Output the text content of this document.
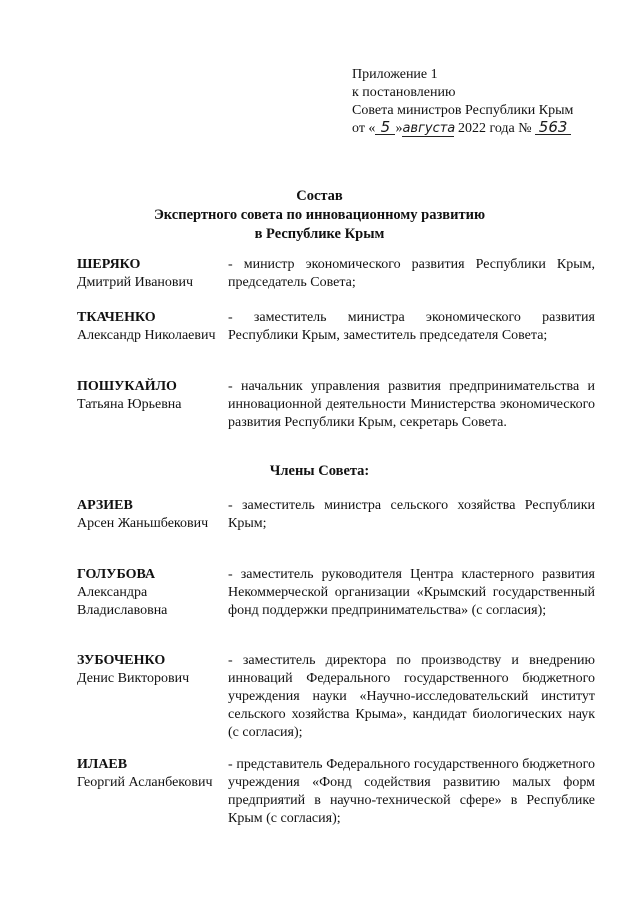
Приложение 1
к постановлению
Совета министров Республики Крым
от « 5 »августа 2022 года № 563
Состав
Экспертного совета по инновационному развитию
в Республике Крым
ШЕРЯКО
Дмитрий Иванович
- министр экономического развития Республики Крым, председатель Совета;
ТКАЧЕНКО
Александр Николаевич
- заместитель министра экономического развития Республики Крым, заместитель председателя Совета;
ПОШУКАЙЛО
Татьяна Юрьевна
- начальник управления развития предпринимательства и инновационной деятельности Министерства экономического развития Республики Крым, секретарь Совета.
Члены Совета:
АРЗИЕВ
Арсен Жаньшбекович
- заместитель министра сельского хозяйства Республики Крым;
ГОЛУБОВА
Александра Владиславовна
- заместитель руководителя Центра кластерного развития Некоммерческой организации «Крымский государственный фонд поддержки предпринимательства» (с согласия);
ЗУБОЧЕНКО
Денис Викторович
- заместитель директора по производству и внедрению инноваций Федерального государственного бюджетного учреждения науки «Научно-исследовательский институт сельского хозяйства Крыма», кандидат биологических наук (с согласия);
ИЛАЕВ
Георгий Асланбекович
- представитель Федерального государственного бюджетного учреждения «Фонд содействия развитию малых форм предприятий в научно-технической сфере» в Республике Крым (с согласия);
